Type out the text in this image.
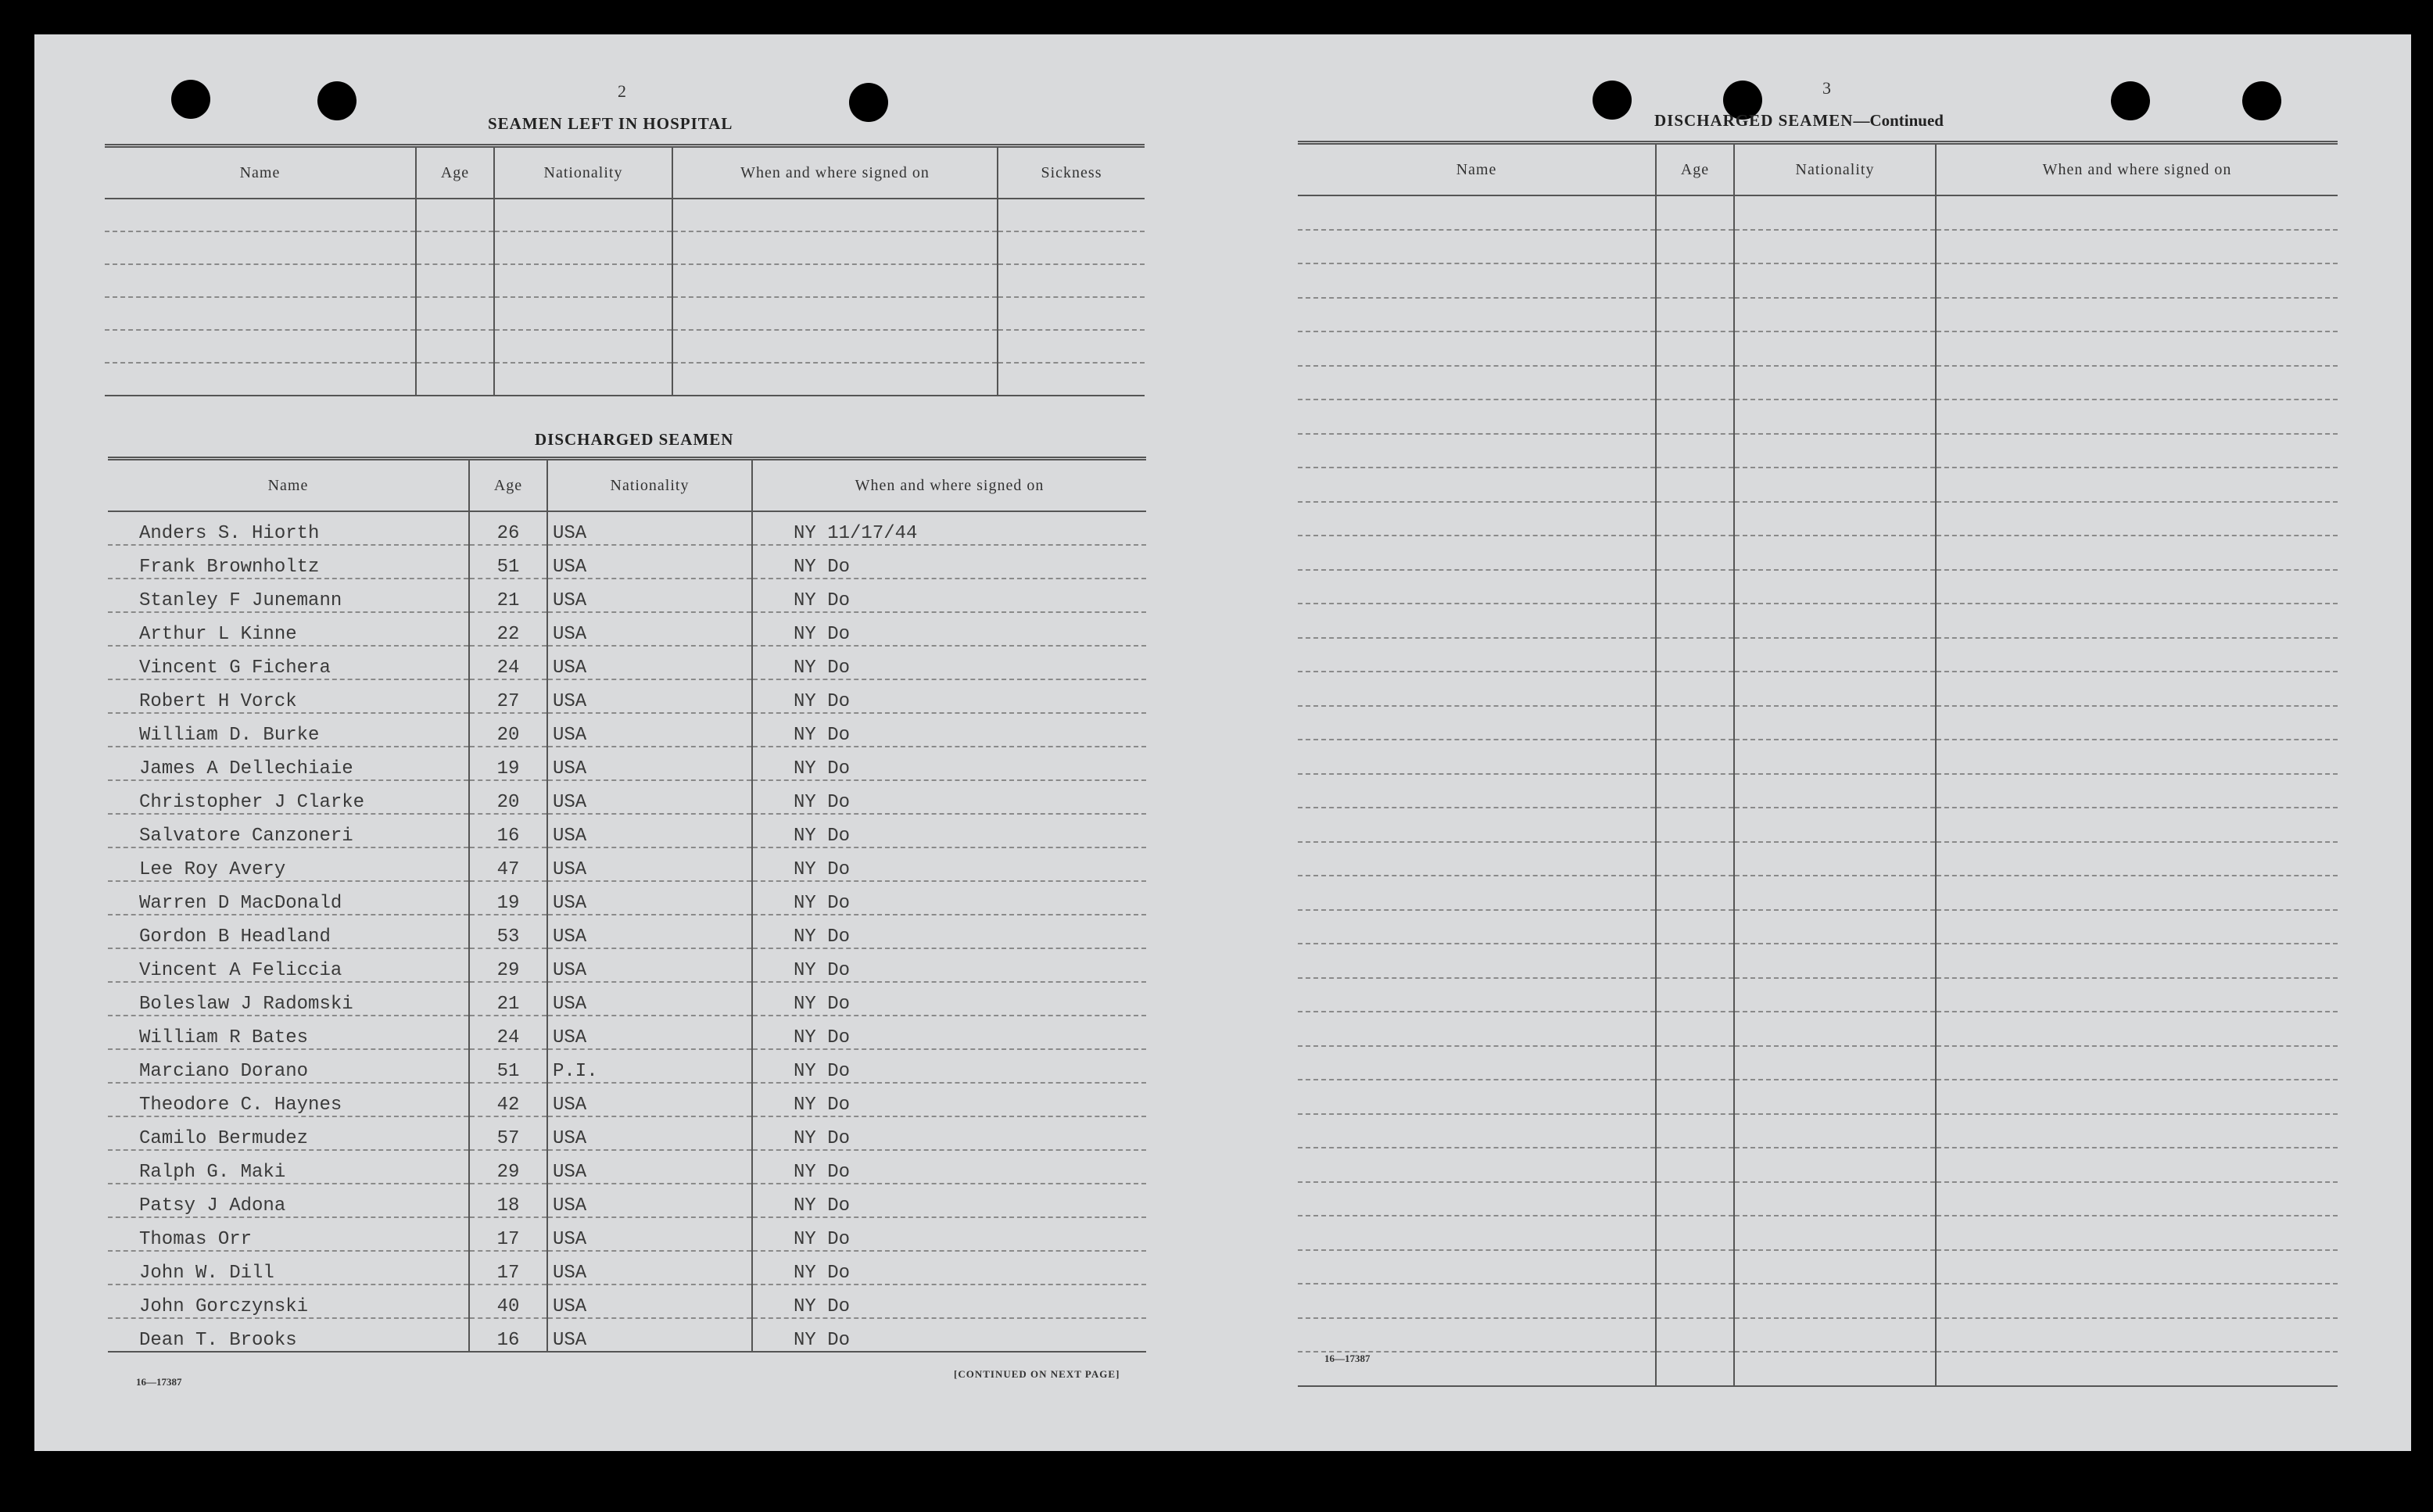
2
SEAMEN LEFT IN HOSPITAL
Name	Age	Nationality	When and where signed on	Sickness

DISCHARGED SEAMEN
Name	Age	Nationality	When and where signed on
Anders S. Hiorth	26	USA	NY 11/17/44
Frank Brownholtz	51	USA	NY Do
Stanley F Junemann	21	USA	NY Do
Arthur L Kinne	22	USA	NY Do
Vincent G Fichera	24	USA	NY Do
Robert H Vorck	27	USA	NY Do
William D. Burke	20	USA	NY Do
James A Dellechiaie	19	USA	NY Do
Christopher J Clarke	20	USA	NY Do
Salvatore Canzoneri	16	USA	NY Do
Lee Roy Avery	47	USA	NY Do
Warren D MacDonald	19	USA	NY Do
Gordon B Headland	53	USA	NY Do
Vincent A Feliccia	29	USA	NY Do
Boleslaw J Radomski	21	USA	NY Do
William R Bates	24	USA	NY Do
Marciano Dorano	51	P.I.	NY Do
Theodore C. Haynes	42	USA	NY Do
Camilo Bermudez	57	USA	NY Do
Ralph G. Maki	29	USA	NY Do
Patsy J Adona	18	USA	NY Do
Thomas Orr	17	USA	NY Do
John W. Dill	17	USA	NY Do
John Gorczynski	40	USA	NY Do
Dean T. Brooks	16	USA	NY Do
16—17387
[CONTINUED ON NEXT PAGE]
3
DISCHARGED SEAMEN—Continued
Name	Age	Nationality	When and where signed on

16—17387
